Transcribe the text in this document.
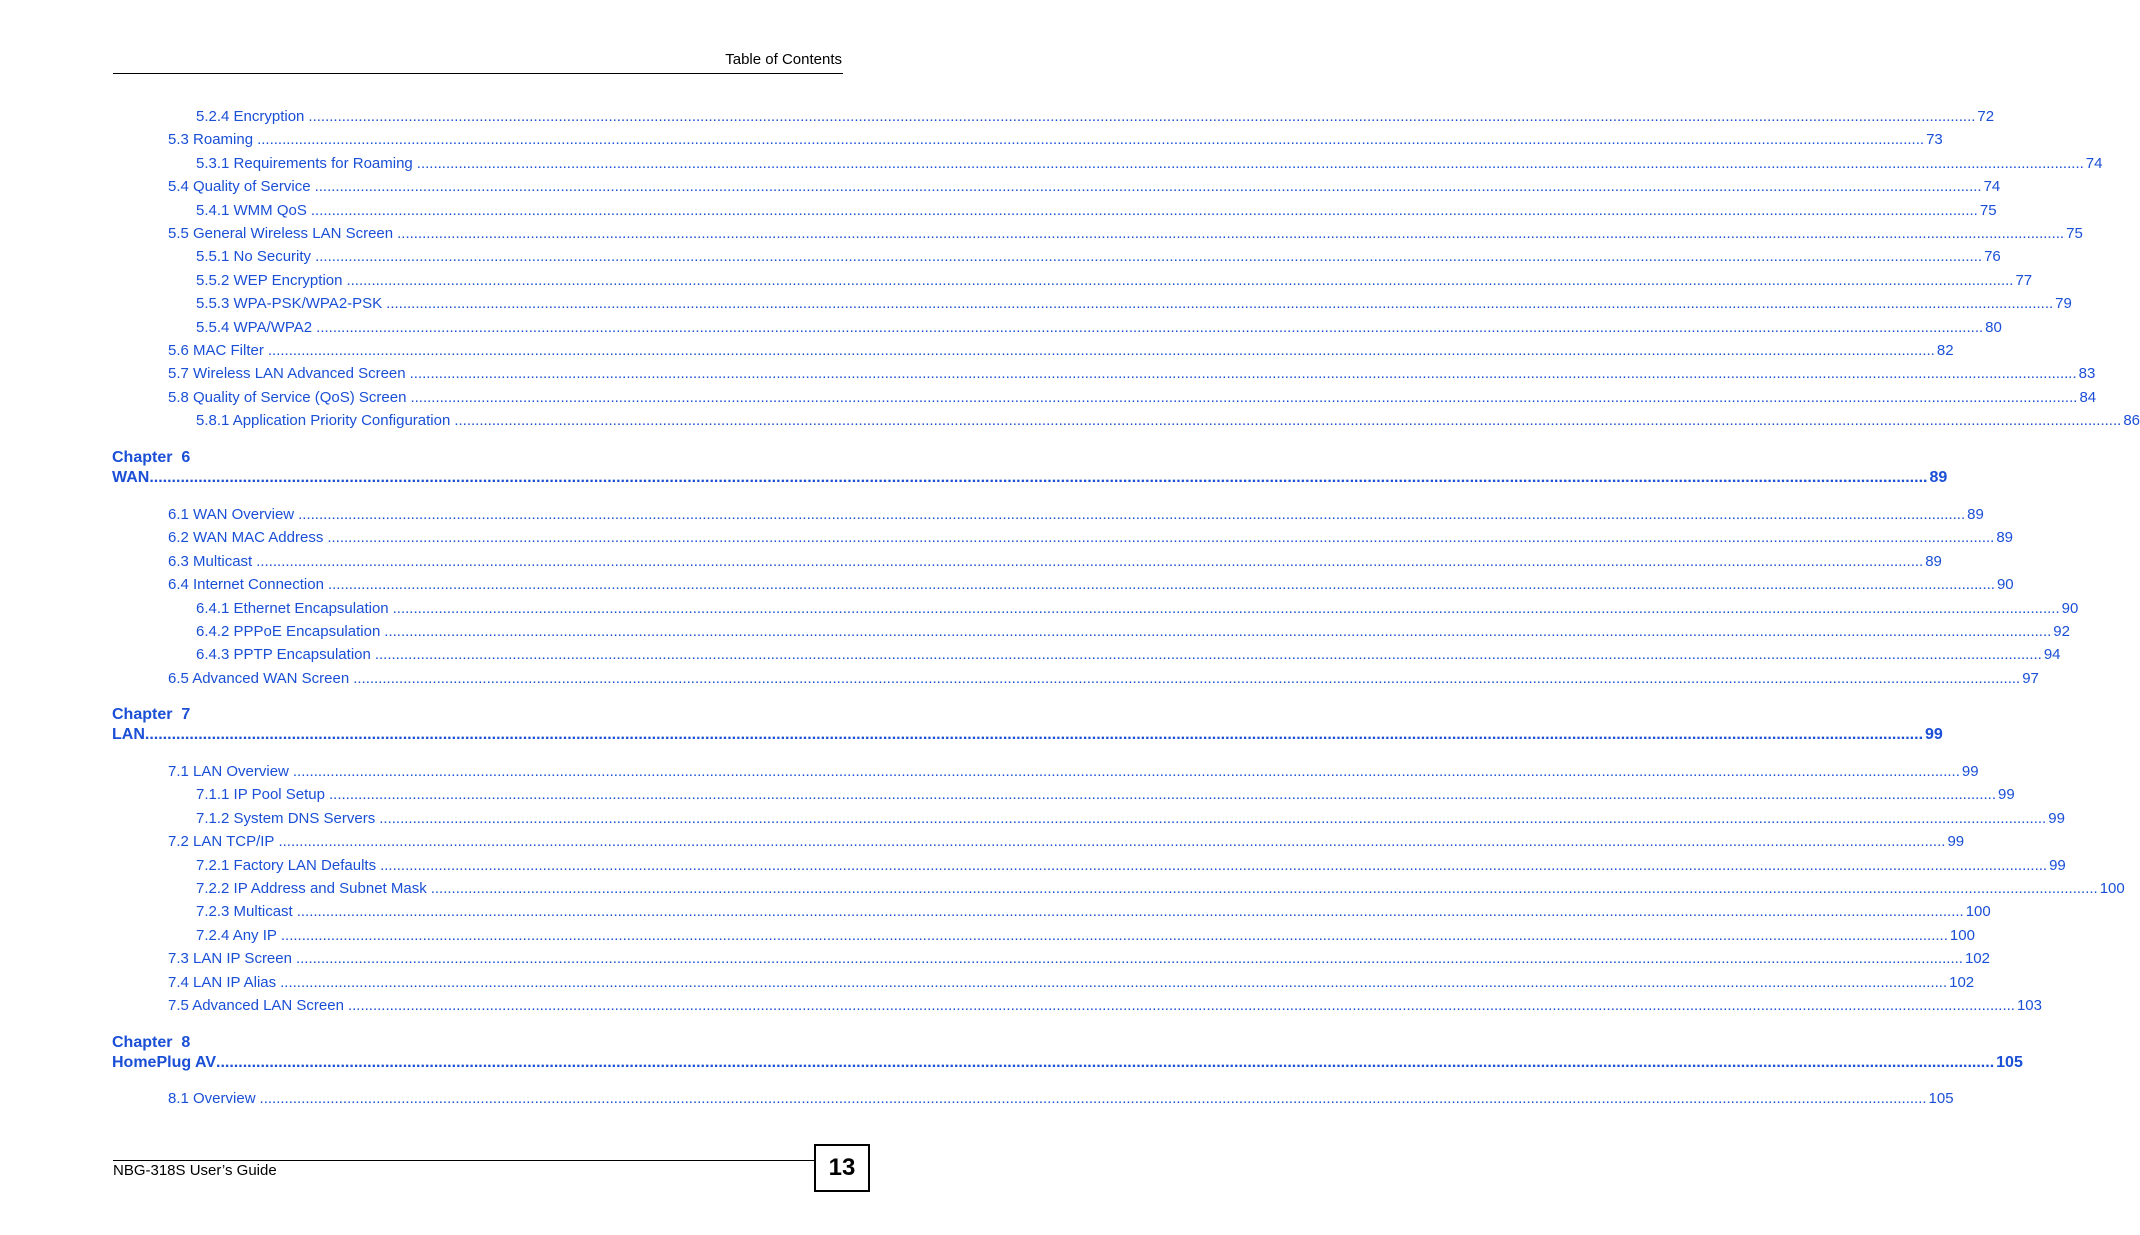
Table of Contents
5.2.4 Encryption ................................................................................................................................................................................................................................................................................................................................................................................................................ 72
5.3 Roaming ................................................................................................................................................................................................................................................................................................................................................................................................................ 73
5.3.1 Requirements for Roaming ................................................................................................................................................................................................................................................................................................................................................................................................................ 74
5.4 Quality of Service ................................................................................................................................................................................................................................................................................................................................................................................................................ 74
5.4.1 WMM QoS ................................................................................................................................................................................................................................................................................................................................................................................................................ 75
5.5 General Wireless LAN Screen ................................................................................................................................................................................................................................................................................................................................................................................................................ 75
5.5.1 No Security ................................................................................................................................................................................................................................................................................................................................................................................................................ 76
5.5.2 WEP Encryption ................................................................................................................................................................................................................................................................................................................................................................................................................ 77
5.5.3 WPA-PSK/WPA2-PSK ................................................................................................................................................................................................................................................................................................................................................................................................................ 79
5.5.4 WPA/WPA2 ................................................................................................................................................................................................................................................................................................................................................................................................................ 80
5.6 MAC Filter ................................................................................................................................................................................................................................................................................................................................................................................................................ 82
5.7 Wireless LAN Advanced Screen ................................................................................................................................................................................................................................................................................................................................................................................................................ 83
5.8 Quality of Service (QoS) Screen ................................................................................................................................................................................................................................................................................................................................................................................................................ 84
5.8.1 Application Priority Configuration ................................................................................................................................................................................................................................................................................................................................................................................................................ 86
Chapter  6
WAN ................................................................................................................................................................................................................................................................................................................................................................................................................ 89
6.1 WAN Overview ................................................................................................................................................................................................................................................................................................................................................................................................................ 89
6.2 WAN MAC Address ................................................................................................................................................................................................................................................................................................................................................................................................................ 89
6.3 Multicast ................................................................................................................................................................................................................................................................................................................................................................................................................ 89
6.4 Internet Connection ................................................................................................................................................................................................................................................................................................................................................................................................................ 90
6.4.1 Ethernet Encapsulation ................................................................................................................................................................................................................................................................................................................................................................................................................ 90
6.4.2 PPPoE Encapsulation ................................................................................................................................................................................................................................................................................................................................................................................................................ 92
6.4.3 PPTP Encapsulation ................................................................................................................................................................................................................................................................................................................................................................................................................ 94
6.5 Advanced WAN Screen ................................................................................................................................................................................................................................................................................................................................................................................................................ 97
Chapter  7
LAN ................................................................................................................................................................................................................................................................................................................................................................................................................ 99
7.1 LAN Overview ................................................................................................................................................................................................................................................................................................................................................................................................................ 99
7.1.1 IP Pool Setup ................................................................................................................................................................................................................................................................................................................................................................................................................ 99
7.1.2 System DNS Servers ................................................................................................................................................................................................................................................................................................................................................................................................................ 99
7.2 LAN TCP/IP ................................................................................................................................................................................................................................................................................................................................................................................................................ 99
7.2.1 Factory LAN Defaults ................................................................................................................................................................................................................................................................................................................................................................................................................ 99
7.2.2 IP Address and Subnet Mask ................................................................................................................................................................................................................................................................................................................................................................................................................ 100
7.2.3 Multicast ................................................................................................................................................................................................................................................................................................................................................................................................................ 100
7.2.4 Any IP ................................................................................................................................................................................................................................................................................................................................................................................................................ 100
7.3 LAN IP Screen ................................................................................................................................................................................................................................................................................................................................................................................................................ 102
7.4 LAN IP Alias ................................................................................................................................................................................................................................................................................................................................................................................................................ 102
7.5 Advanced LAN Screen ................................................................................................................................................................................................................................................................................................................................................................................................................ 103
Chapter  8
HomePlug AV ................................................................................................................................................................................................................................................................................................................................................................................................................ 105
8.1 Overview ................................................................................................................................................................................................................................................................................................................................................................................................................ 105
NBG-318S User’s Guide	13
